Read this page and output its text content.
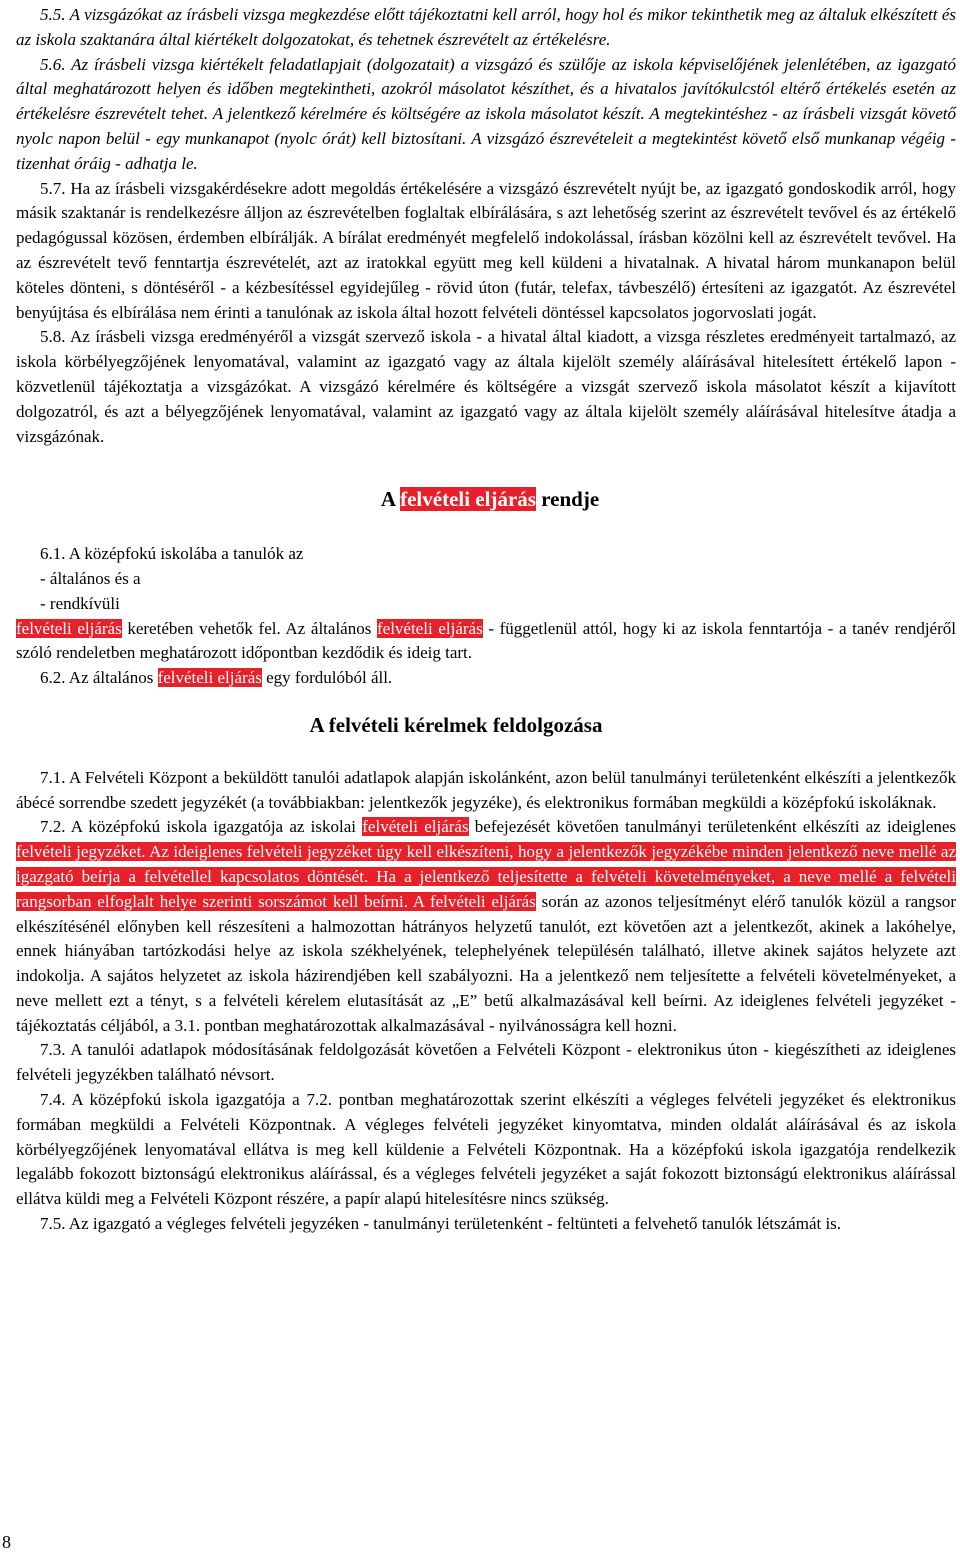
5.5. A vizsgázókat az írásbeli vizsga megkezdése előtt tájékoztatni kell arról, hogy hol és mikor tekinthetik meg az általuk elkészített és az iskola szaktanára által kiértékelt dolgozatokat, és tehetnek észrevételt az értékelésre.

5.6. Az írásbeli vizsga kiértékelt feladatlapjait (dolgozatait) a vizsgázó és szülője az iskola képviselőjének jelenlétében, az igazgató által meghatározott helyen és időben megtekintheti, azokról másolatot készíthet, és a hivatalos javítókulcstól eltérő értékelés esetén az értékelésre észrevételt tehet. A jelentkező kérelmére és költségére az iskola másolatot készít. A megtekintéshez - az írásbeli vizsgát követő nyolc napon belül - egy munkanapot (nyolc órát) kell biztosítani. A vizsgázó észrevételeit a megtekintést követő első munkanap végéig - tizenhat óráig - adhatja le.

5.7. Ha az írásbeli vizsgakérdésekre adott megoldás értékelésére a vizsgázó észrevételt nyújt be, az igazgató gondoskodik arról, hogy másik szaktanár is rendelkezésre álljon az észrevételben foglaltak elbírálására, s azt lehetőség szerint az észrevételt tevővel és az értékelő pedagógussal közösen, érdemben elbírálják. A bírálat eredményét megfelelő indokolással, írásban közölni kell az észrevételt tevővel. Ha az észrevételt tevő fenntartja észrevételét, azt az iratokkal együtt meg kell küldeni a hivatalnak. A hivatal három munkanapon belül köteles dönteni, s döntéséről - a kézbesítéssel egyidejűleg - rövid úton (futár, telefax, távbeszélő) értesíteni az igazgatót. Az észrevétel benyújtása és elbírálása nem érinti a tanulónak az iskola által hozott felvételi döntéssel kapcsolatos jogorvoslati jogát.

5.8. Az írásbeli vizsga eredményéről a vizsgát szervező iskola - a hivatal által kiadott, a vizsga részletes eredményeit tartalmazó, az iskola körbélyegzőjének lenyomatával, valamint az igazgató vagy az általa kijelölt személy aláírásával hitelesített értékelő lapon - közvetlenül tájékoztatja a vizsgázókat. A vizsgázó kérelmére és költségére a vizsgát szervező iskola másolatot készít a kijavított dolgozatról, és azt a bélyegzőjének lenyomatával, valamint az igazgató vagy az általa kijelölt személy aláírásával hitelesítve átadja a vizsgázónak.

A felvételi eljárás rendje

6.1. A középfokú iskolába a tanulók az

- általános és a

- rendkívüli

felvételi eljárás keretében vehetők fel. Az általános felvételi eljárás - függetlenül attól, hogy ki az iskola fenntartója - a tanév rendjéről szóló rendeletben meghatározott időpontban kezdődik és ideig tart.

6.2. Az általános felvételi eljárás egy fordulóból áll.

A felvételi kérelmek feldolgozása

7.1. A Felvételi Központ a beküldött tanulói adatlapok alapján iskolánként, azon belül tanulmányi területenként elkészíti a jelentkezők ábécé sorrendbe szedett jegyzékét (a továbbiakban: jelentkezők jegyzéke), és elektronikus formában megküldi a középfokú iskoláknak.

7.2. A középfokú iskola igazgatója az iskolai felvételi eljárás befejezését követően tanulmányi területenként elkészíti az ideiglenes felvételi jegyzéket. Az ideiglenes felvételi jegyzéket úgy kell elkészíteni, hogy a jelentkezők jegyzékébe minden jelentkező neve mellé az igazgató beírja a felvétellel kapcsolatos döntését. Ha a jelentkező teljesítette a felvételi követelményeket, a neve mellé a felvételi rangsorban elfoglalt helye szerinti sorszámot kell beírni. A felvételi eljárás során az azonos teljesítményt elérő tanulók közül a rangsor elkészítésénél előnyben kell részesíteni a halmozottan hátrányos helyzetű tanulót, ezt követően azt a jelentkezőt, akinek a lakóhelye, ennek hiányában tartózkodási helye az iskola székhelyének, telephelyének településén található, illetve akinek sajátos helyzete azt indokolja. A sajátos helyzetet az iskola házirendjében kell szabályozni. Ha a jelentkező nem teljesítette a felvételi követelményeket, a neve mellett ezt a tényt, s a felvételi kérelem elutasítását az „E” betű alkalmazásával kell beírni. Az ideiglenes felvételi jegyzéket - tájékoztatás céljából, a 3.1. pontban meghatározottak alkalmazásával - nyilvánosságra kell hozni.

7.3. A tanulói adatlapok módosításának feldolgozását követően a Felvételi Központ - elektronikus úton - kiegészítheti az ideiglenes felvételi jegyzékben található névsort.

7.4. A középfokú iskola igazgatója a 7.2. pontban meghatározottak szerint elkészíti a végleges felvételi jegyzéket és elektronikus formában megküldi a Felvételi Központnak. A végleges felvételi jegyzéket kinyomtatva, minden oldalát aláírásával és az iskola körbélyegzőjének lenyomatával ellátva is meg kell küldenie a Felvételi Központnak. Ha a középfokú iskola igazgatója rendelkezik legalább fokozott biztonságú elektronikus aláírással, és a végleges felvételi jegyzéket a saját fokozott biztonságú elektronikus aláírással ellátva küldi meg a Felvételi Központ részére, a papír alapú hitelesítésre nincs szükség.

7.5. Az igazgató a végleges felvételi jegyzéken - tanulmányi területenként - feltünteti a felvehető tanulók létszámát is.

8
